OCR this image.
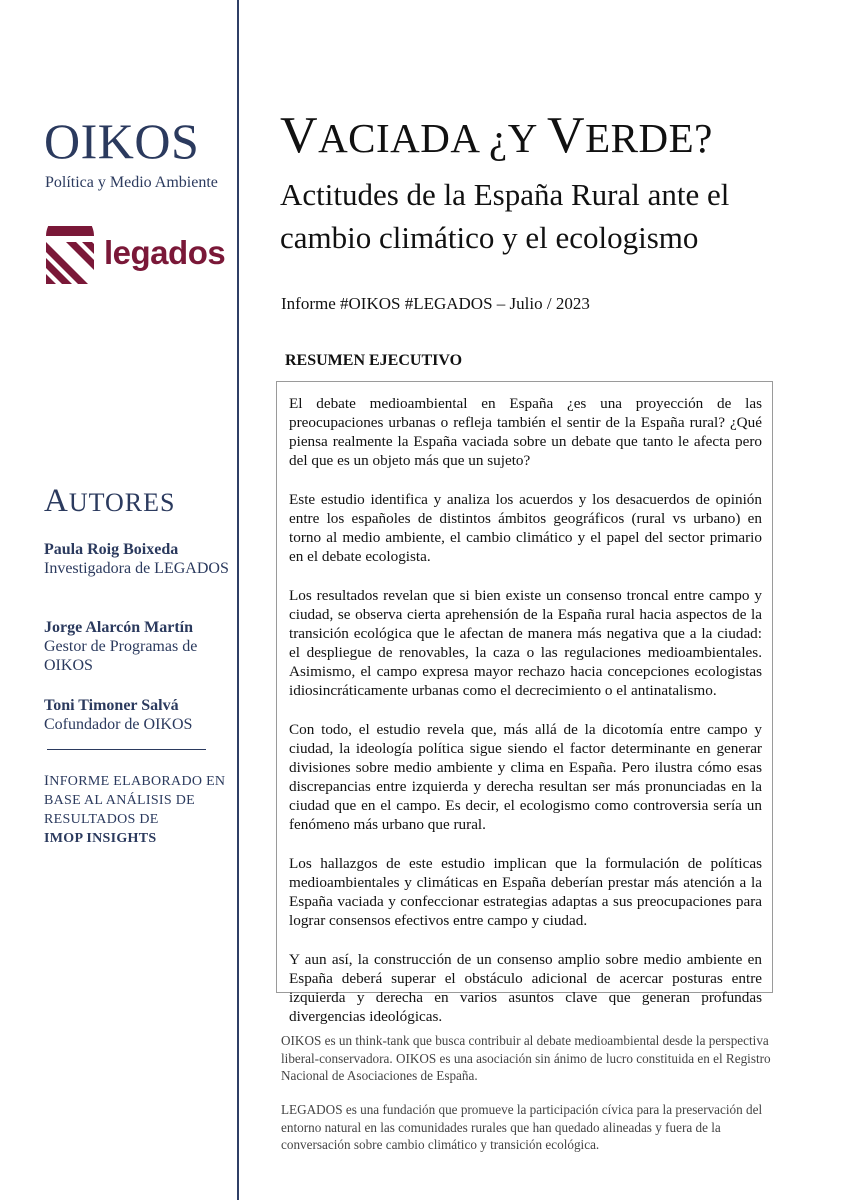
OIKOS
Política y Medio Ambiente
legados
AUTORES
Paula Roig Boixeda
Investigadora de LEGADOS
Jorge Alarcón Martín
Gestor de Programas de OIKOS
Toni Timoner Salvá
Cofundador de OIKOS
INFORME ELABORADO EN
BASE AL ANÁLISIS DE
RESULTADOS DE
IMOP INSIGHTS
VACIADA ¿Y VERDE?
Actitudes de la España Rural ante el cambio climático y el ecologismo
Informe #OIKOS #LEGADOS – Julio / 2023
RESUMEN EJECUTIVO

El debate medioambiental en España ¿es una proyección de las preocupaciones urbanas o refleja también el sentir de la España rural? ¿Qué piensa realmente la España vaciada sobre un debate que tanto le afecta pero del que es un objeto más que un sujeto?

Este estudio identifica y analiza los acuerdos y los desacuerdos de opinión entre los españoles de distintos ámbitos geográficos (rural vs urbano) en torno al medio ambiente, el cambio climático y el papel del sector primario en el debate ecologista.

Los resultados revelan que si bien existe un consenso troncal entre campo y ciudad, se observa cierta aprehensión de la España rural hacia aspectos de la transición ecológica que le afectan de manera más negativa que a la ciudad: el despliegue de renovables, la caza o las regulaciones medioambientales. Asimismo, el campo expresa mayor rechazo hacia concepciones ecologistas idiosincráticamente urbanas como el decrecimiento o el antinatalismo.

Con todo, el estudio revela que, más allá de la dicotomía entre campo y ciudad, la ideología política sigue siendo el factor determinante en generar divisiones sobre medio ambiente y clima en España. Pero ilustra cómo esas discrepancias entre izquierda y derecha resultan ser más pronunciadas en la ciudad que en el campo. Es decir, el ecologismo como controversia sería un fenómeno más urbano que rural.

Los hallazgos de este estudio implican que la formulación de políticas medioambientales y climáticas en España deberían prestar más atención a la España vaciada y confeccionar estrategias adaptas a sus preocupaciones para lograr consensos efectivos entre campo y ciudad.

Y aun así, la construcción de un consenso amplio sobre medio ambiente en España deberá superar el obstáculo adicional de acercar posturas entre izquierda y derecha en varios asuntos clave que generan profundas divergencias ideológicas.

OIKOS es un think-tank que busca contribuir al debate medioambiental desde la perspectiva liberal-conservadora. OIKOS es una asociación sin ánimo de lucro constituida en el Registro Nacional de Asociaciones de España.

LEGADOS es una fundación que promueve la participación cívica para la preservación del entorno natural en las comunidades rurales que han quedado alineadas y fuera de la conversación sobre cambio climático y transición ecológica.
